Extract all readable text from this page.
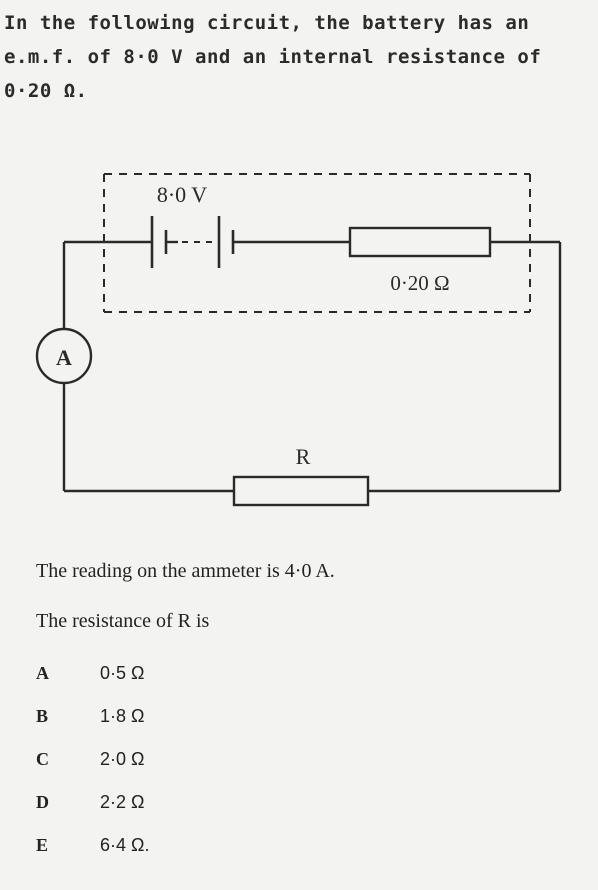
In the following circuit, the battery has an
e.m.f. of 8·0 V and an internal resistance of
0·20 Ω.
A
8·0 V
0·20 Ω
R
The reading on the ammeter is 4·0 A.
The resistance of R is
A	0·5 Ω
B	1·8 Ω
C	2·0 Ω
D	2·2 Ω
E	6·4 Ω.
